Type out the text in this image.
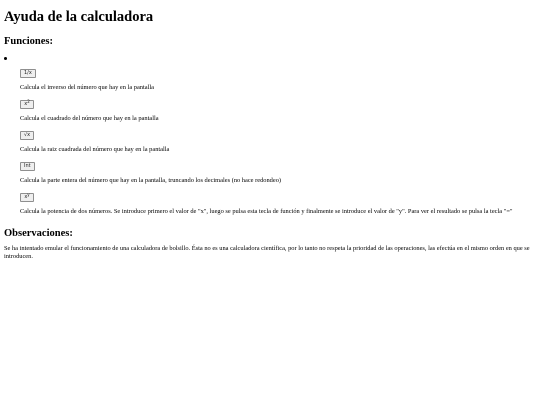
Ayuda de la calculadora
Funciones:
1/x

Calcula el inverso del número que hay en la pantalla

$x^2$

Calcula el cuadrado del número que hay en la pantalla

√x

Calcula la raiz cuadrada del número que hay en la pantalla

Int

Calcula la parte entera del número que hay en la pantalla, truncando los decimales (no hace redondeo)

$x^y$

Calcula la potencia de dos números. Se introduce primero el valor de "x", luego se pulsa esta tecla de función y finalmente se introduce el valor de "y". Para ver el resultado se pulsa la tecla "="

Observaciones:

Se ha intentado emular el funcionamiento de una calculadora de bolsillo. Ésta no es una calculadora científica, por lo tanto no respeta la prioridad de las operaciones, las efectúa en el mismo orden en que se introducen.
